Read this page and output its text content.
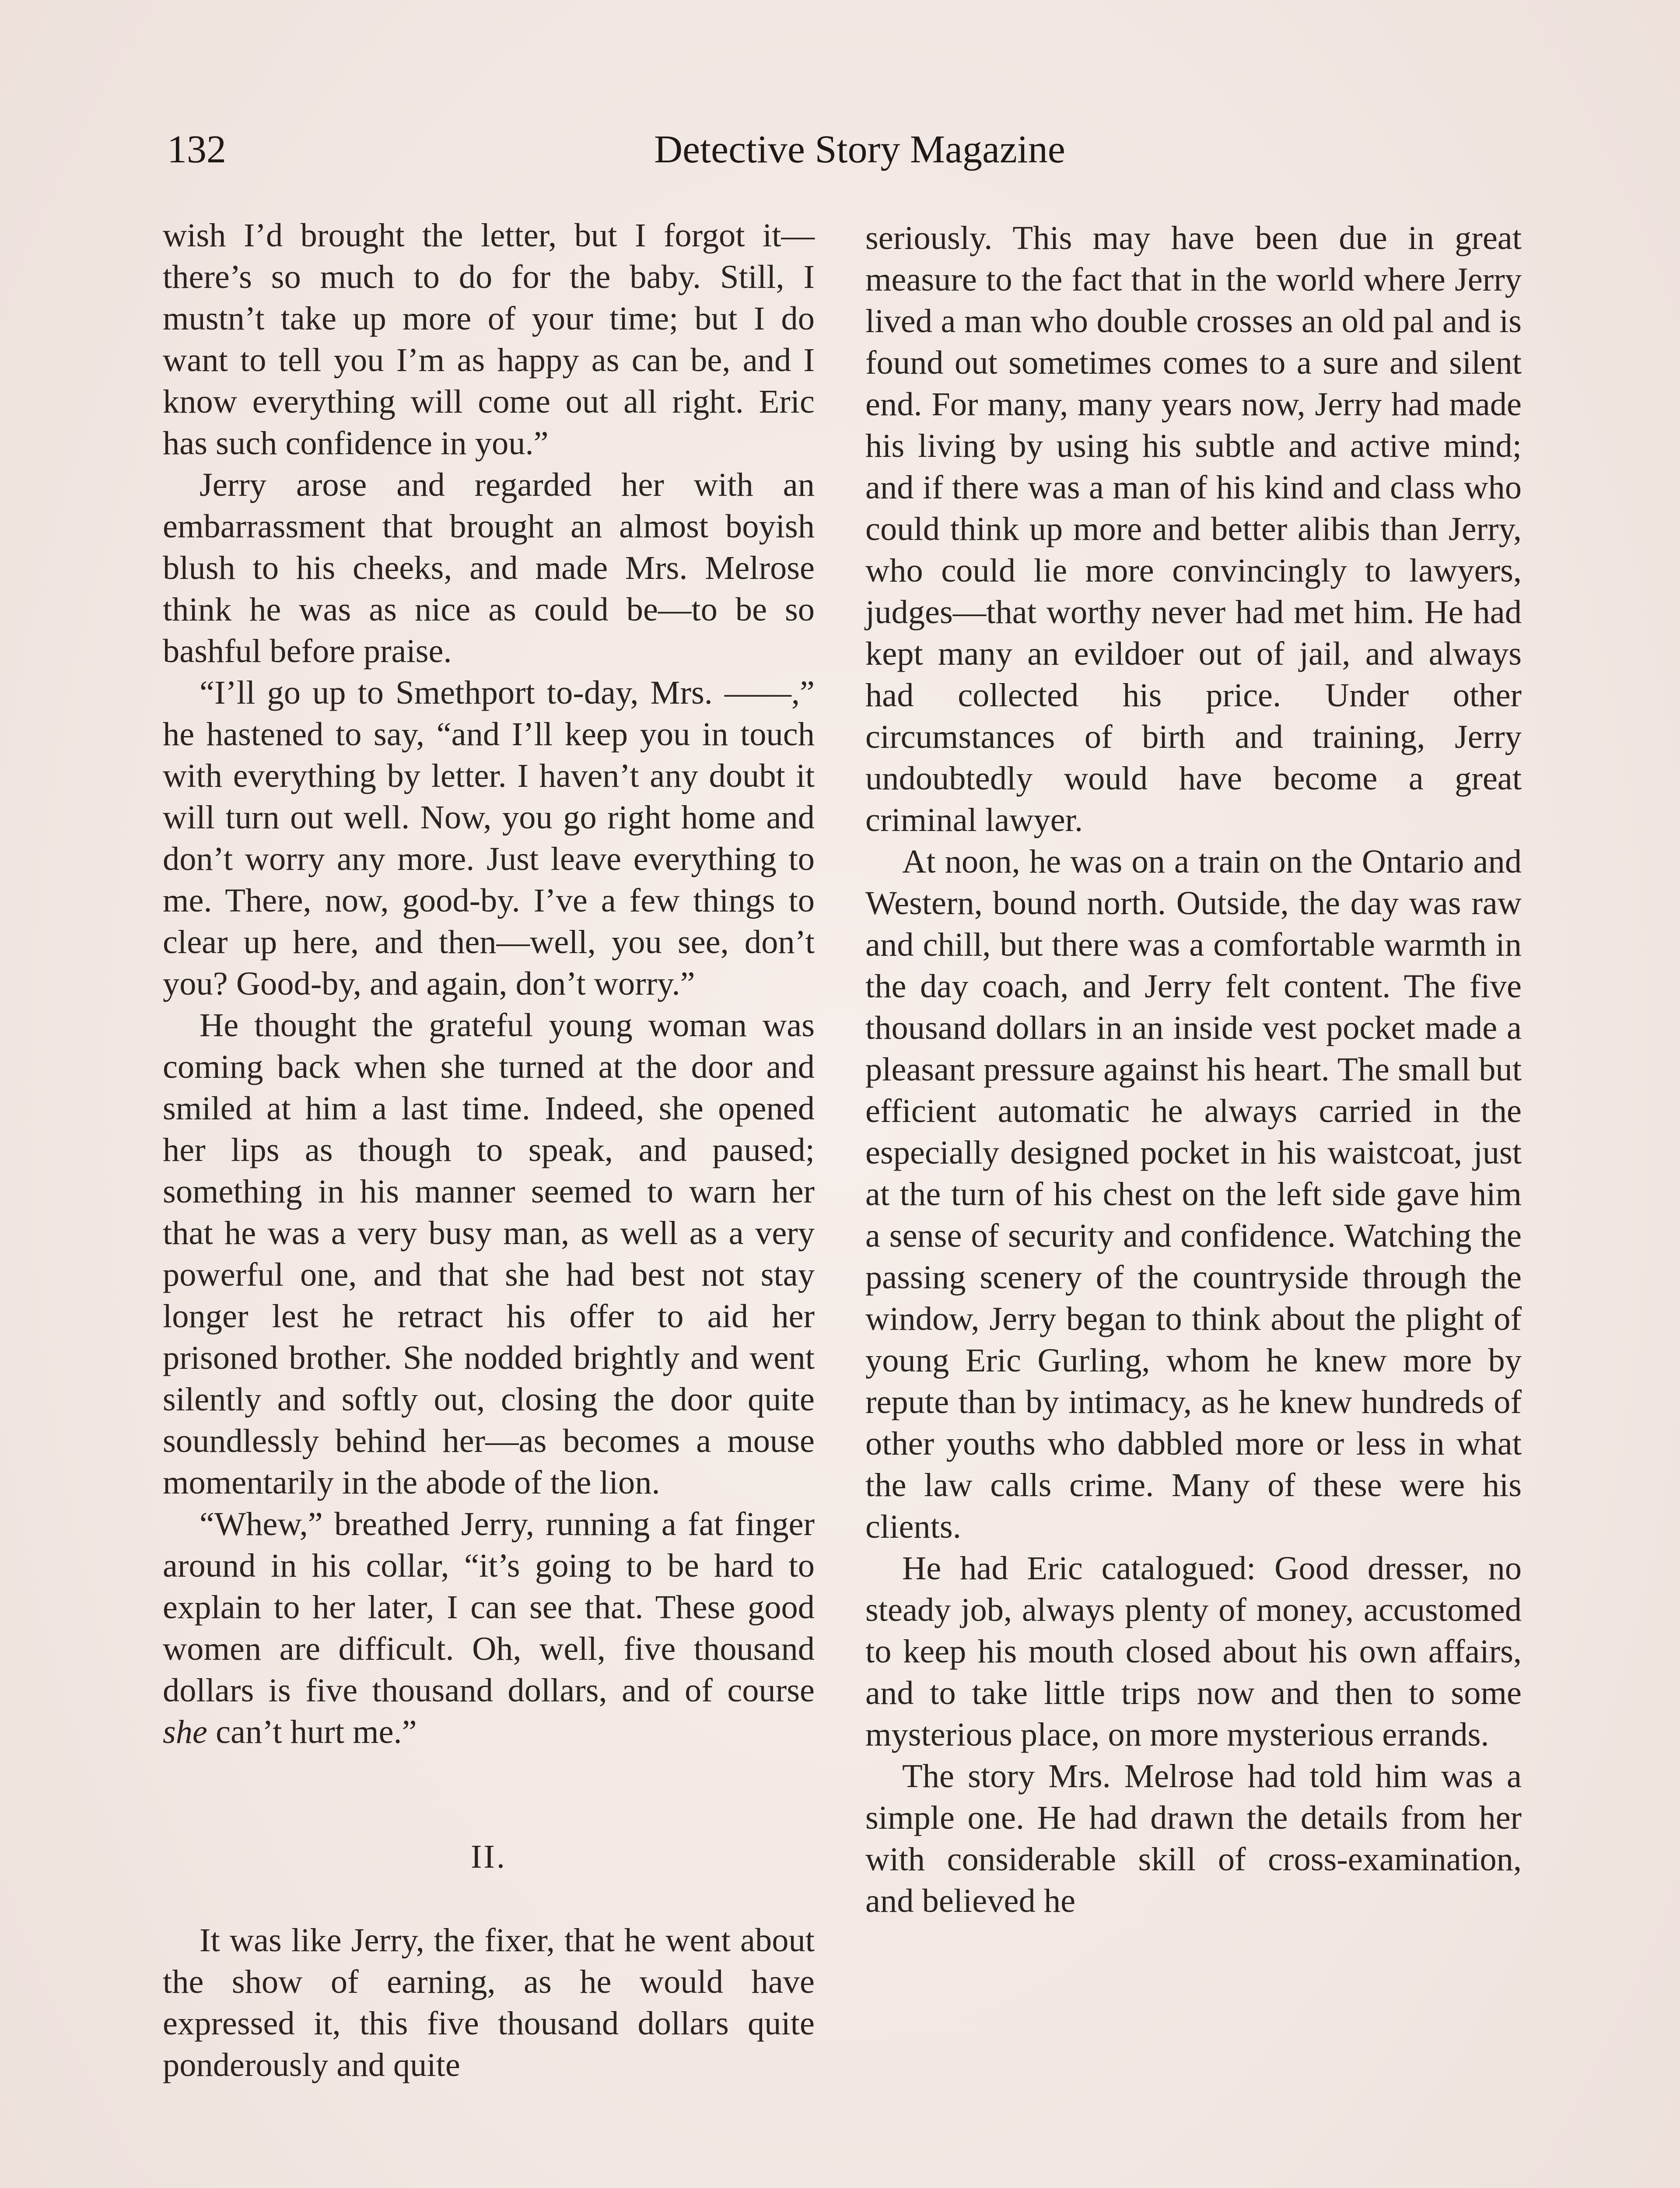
132	Detective Story Magazine

wish I’d brought the letter, but I forgot it—there’s so much to do for the baby. Still, I mustn’t take up more of your time; but I do want to tell you I’m as happy as can be, and I know everything will come out all right. Eric has such confidence in you.”

Jerry arose and regarded her with an embarrassment that brought an almost boyish blush to his cheeks, and made Mrs. Melrose think he was as nice as could be—to be so bashful before praise.

“I’ll go up to Smethport to-day, Mrs. ——,” he hastened to say, “and I’ll keep you in touch with everything by letter. I haven’t any doubt it will turn out well. Now, you go right home and don’t worry any more. Just leave everything to me. There, now, good-by. I’ve a few things to clear up here, and then—well, you see, don’t you? Good-by, and again, don’t worry.”

He thought the grateful young woman was coming back when she turned at the door and smiled at him a last time. Indeed, she opened her lips as though to speak, and paused; something in his manner seemed to warn her that he was a very busy man, as well as a very powerful one, and that she had best not stay longer lest he retract his offer to aid her prisoned brother. She nodded brightly and went silently and softly out, closing the door quite soundlessly behind her—as becomes a mouse momentarily in the abode of the lion.

“Whew,” breathed Jerry, running a fat finger around in his collar, “it’s going to be hard to explain to her later, I can see that. These good women are difficult. Oh, well, five thousand dollars is five thousand dollars, and of course she can’t hurt me.”

II.

It was like Jerry, the fixer, that he went about the show of earning, as he would have expressed it, this five thousand dollars quite ponderously and quite

seriously. This may have been due in great measure to the fact that in the world where Jerry lived a man who double crosses an old pal and is found out sometimes comes to a sure and silent end. For many, many years now, Jerry had made his living by using his subtle and active mind; and if there was a man of his kind and class who could think up more and better alibis than Jerry, who could lie more convincingly to lawyers, judges—that worthy never had met him. He had kept many an evildoer out of jail, and always had collected his price. Under other circumstances of birth and training, Jerry undoubtedly would have become a great criminal lawyer.

At noon, he was on a train on the Ontario and Western, bound north. Outside, the day was raw and chill, but there was a comfortable warmth in the day coach, and Jerry felt content. The five thousand dollars in an inside vest pocket made a pleasant pressure against his heart. The small but efficient automatic he always carried in the especially designed pocket in his waistcoat, just at the turn of his chest on the left side gave him a sense of security and confidence. Watching the passing scenery of the countryside through the window, Jerry began to think about the plight of young Eric Gurling, whom he knew more by repute than by intimacy, as he knew hundreds of other youths who dabbled more or less in what the law calls crime. Many of these were his clients.

He had Eric catalogued: Good dresser, no steady job, always plenty of money, accustomed to keep his mouth closed about his own affairs, and to take little trips now and then to some mysterious place, on more mysterious errands.

The story Mrs. Melrose had told him was a simple one. He had drawn the details from her with considerable skill of cross-examination, and believed he
